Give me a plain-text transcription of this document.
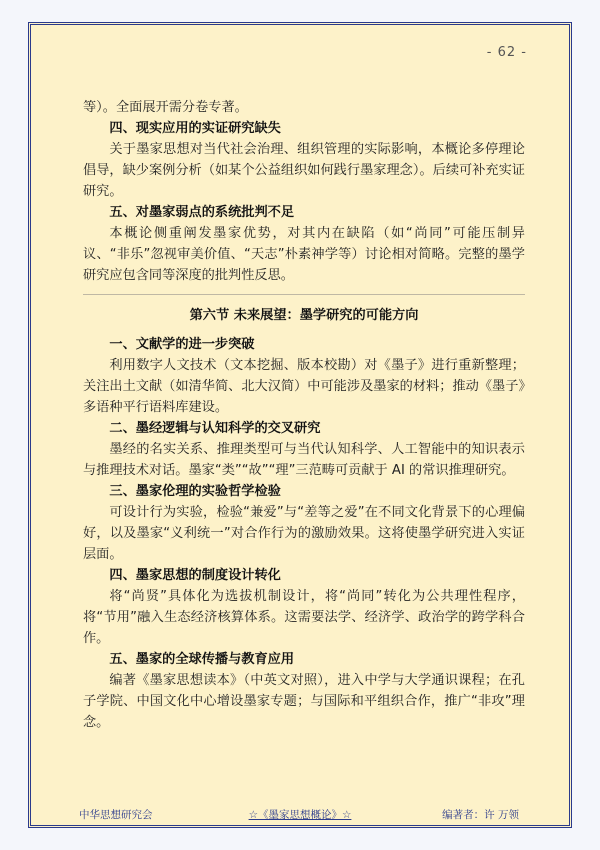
- 62 -

等）。全面展开需分卷专著。

四、现实应用的实证研究缺失

关于墨家思想对当代社会治理、组织管理的实际影响，本概论多停理论倡导，缺少案例分析（如某个公益组织如何践行墨家理念）。后续可补充实证研究。

五、对墨家弱点的系统批判不足

本概论侧重阐发墨家优势，对其内在缺陷（如“尚同”可能压制异议、“非乐”忽视审美价值、“天志”朴素神学等）讨论相对简略。完整的墨学研究应包含同等深度的批判性反思。

第六节 未来展望：墨学研究的可能方向

一、文献学的进一步突破

利用数字人文技术（文本挖掘、版本校勘）对《墨子》进行重新整理；关注出土文献（如清华简、北大汉简）中可能涉及墨家的材料；推动《墨子》多语种平行语料库建设。

二、墨经逻辑与认知科学的交叉研究

墨经的名实关系、推理类型可与当代认知科学、人工智能中的知识表示与推理技术对话。墨家“类”“故”“理”三范畴可贡献于 AI 的常识推理研究。

三、墨家伦理的实验哲学检验

可设计行为实验，检验“兼爱”与“差等之爱”在不同文化背景下的心理偏好，以及墨家“义利统一”对合作行为的激励效果。这将使墨学研究进入实证层面。

四、墨家思想的制度设计转化

将“尚贤”具体化为选拔机制设计，将“尚同”转化为公共理性程序，将“节用”融入生态经济核算体系。这需要法学、经济学、政治学的跨学科合作。

五、墨家的全球传播与教育应用

编著《墨家思想读本》（中英文对照），进入中学与大学通识课程；在孔子学院、中国文化中心增设墨家专题；与国际和平组织合作，推广“非攻”理念。

中华思想研究会	☆《墨家思想概论》☆	编著者：许 万领
